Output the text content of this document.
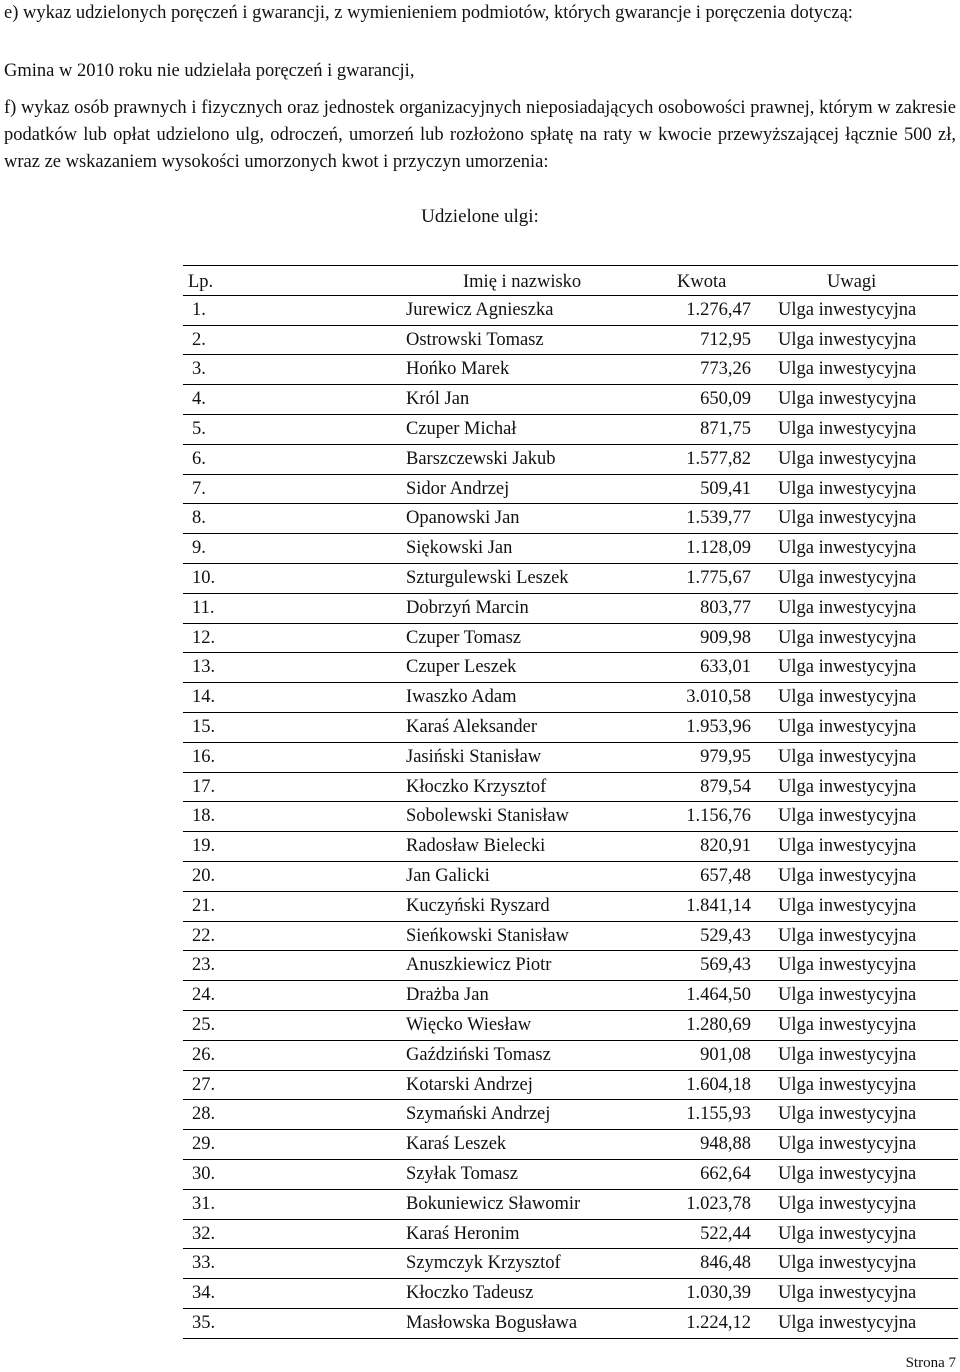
e) wykaz udzielonych poręczeń i gwarancji, z wymienieniem podmiotów, których gwarancje i poręczenia dotyczą:

Gmina w 2010 roku nie udzielała poręczeń i gwarancji,

f) wykaz osób prawnych i fizycznych oraz jednostek organizacyjnych nieposiadających osobowości prawnej, którym w zakresie podatków lub opłat udzielono ulg, odroczeń, umorzeń lub rozłożono spłatę na raty w kwocie przewyższającej łącznie 500 zł, wraz ze wskazaniem wysokości umorzonych kwot i przyczyn umorzenia:

Udzielone ulgi:
Lp.	Imię i nazwisko	Kwota	Uwagi
1.	Jurewicz Agnieszka	1.276,47 Ulga inwestycyjna
2.	Ostrowski Tomasz	712,95 Ulga inwestycyjna
3.	Hońko Marek	773,26 Ulga inwestycyjna
4.	Król Jan	650,09 Ulga inwestycyjna
5.	Czuper Michał	871,75 Ulga inwestycyjna
6.	Barszczewski Jakub	1.577,82 Ulga inwestycyjna
7.	Sidor Andrzej	509,41 Ulga inwestycyjna
8.	Opanowski Jan	1.539,77 Ulga inwestycyjna
9.	Siękowski Jan	1.128,09 Ulga inwestycyjna
10.	Szturgulewski Leszek	1.775,67 Ulga inwestycyjna
11.	Dobrzyń Marcin	803,77 Ulga inwestycyjna
12.	Czuper Tomasz	909,98 Ulga inwestycyjna
13.	Czuper Leszek	633,01 Ulga inwestycyjna
14.	Iwaszko Adam	3.010,58 Ulga inwestycyjna
15.	Karaś Aleksander	1.953,96 Ulga inwestycyjna
16.	Jasiński Stanisław	979,95 Ulga inwestycyjna
17.	Kłoczko Krzysztof	879,54 Ulga inwestycyjna
18.	Sobolewski Stanisław	1.156,76 Ulga inwestycyjna
19.	Radosław Bielecki	820,91 Ulga inwestycyjna
20.	Jan Galicki	657,48 Ulga inwestycyjna
21.	Kuczyński Ryszard	1.841,14 Ulga inwestycyjna
22.	Sieńkowski Stanisław	529,43 Ulga inwestycyjna
23.	Anuszkiewicz Piotr	569,43 Ulga inwestycyjna
24.	Drażba Jan	1.464,50 Ulga inwestycyjna
25.	Więcko Wiesław	1.280,69 Ulga inwestycyjna
26.	Gaździński Tomasz	901,08 Ulga inwestycyjna
27.	Kotarski Andrzej	1.604,18 Ulga inwestycyjna
28.	Szymański Andrzej	1.155,93 Ulga inwestycyjna
29.	Karaś Leszek	948,88 Ulga inwestycyjna
30.	Szyłak Tomasz	662,64 Ulga inwestycyjna
31.	Bokuniewicz Sławomir	1.023,78 Ulga inwestycyjna
32.	Karaś Heronim	522,44 Ulga inwestycyjna
33.	Szymczyk Krzysztof	846,48 Ulga inwestycyjna
34.	Kłoczko Tadeusz	1.030,39 Ulga inwestycyjna
35.	Masłowska Bogusława	1.224,12 Ulga inwestycyjna
Strona 7
